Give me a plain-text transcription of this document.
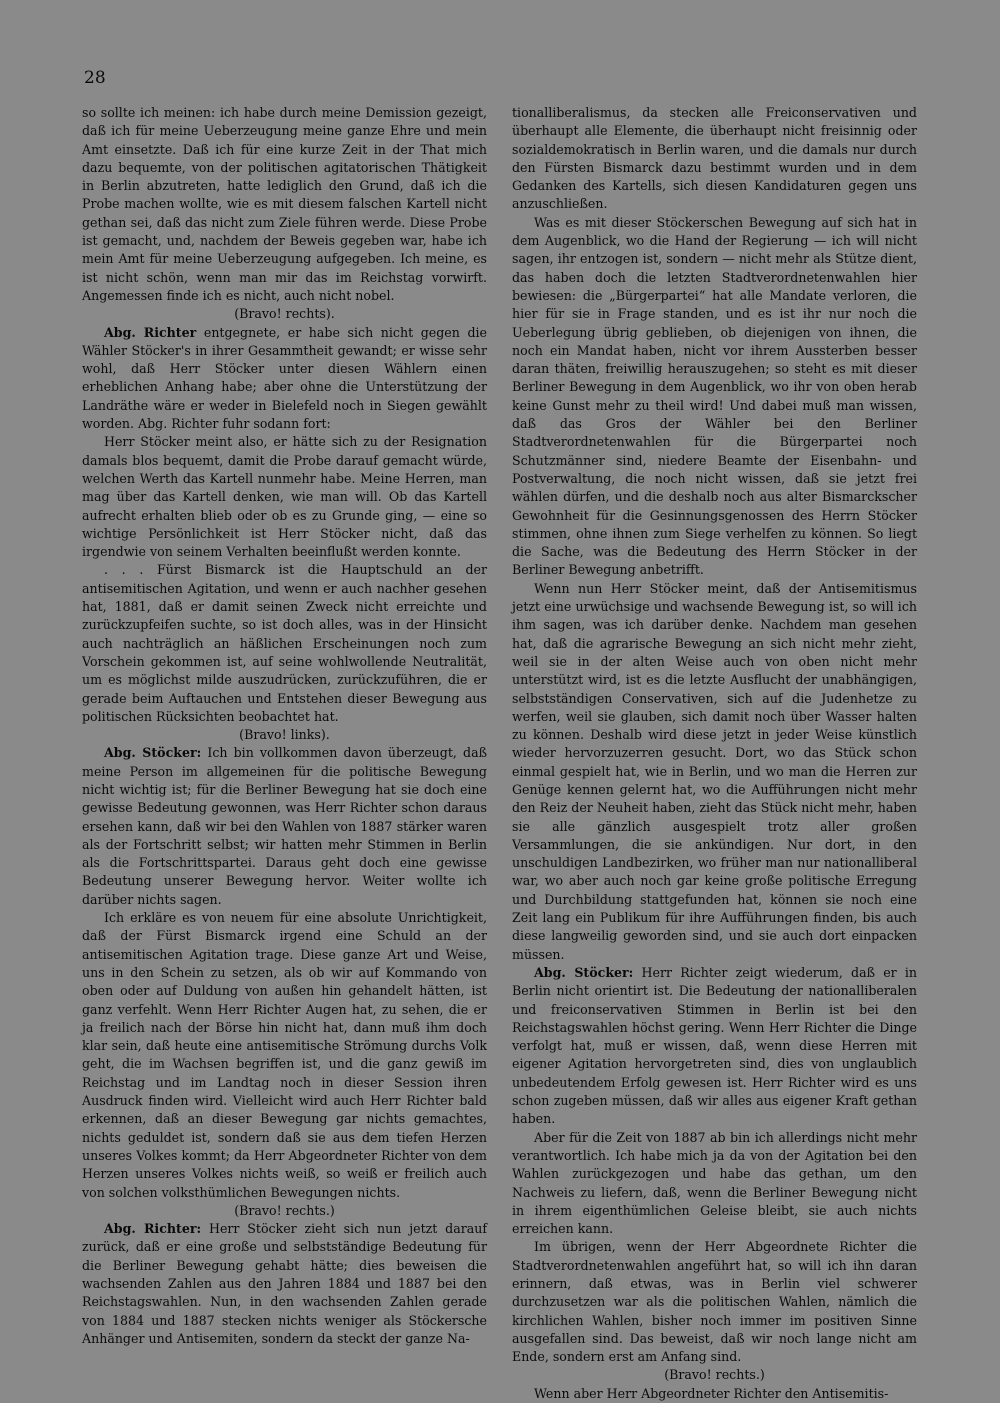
28

so sollte ich meinen: ich habe durch meine Demission gezeigt, daß ich für meine Ueberzeugung meine ganze Ehre und mein Amt einsetzte. Daß ich für eine kurze Zeit in der That mich dazu bequemte, von der politischen agitatorischen Thätigkeit in Berlin abzutreten, hatte lediglich den Grund, daß ich die Probe machen wollte, wie es mit diesem falschen Kartell nicht gethan sei, daß das nicht zum Ziele führen werde. Diese Probe ist gemacht, und, nachdem der Beweis gegeben war, habe ich mein Amt für meine Ueberzeugung aufgegeben. Ich meine, es ist nicht schön, wenn man mir das im Reichstag vorwirft. Angemessen finde ich es nicht, auch nicht nobel.

(Bravo! rechts).

Abg. Richter entgegnete, er habe sich nicht gegen die Wähler Stöcker's in ihrer Gesammtheit gewandt; er wisse sehr wohl, daß Herr Stöcker unter diesen Wählern einen erheblichen Anhang habe; aber ohne die Unterstützung der Landräthe wäre er weder in Bielefeld noch in Siegen gewählt worden. Abg. Richter fuhr sodann fort:

Herr Stöcker meint also, er hätte sich zu der Resignation damals blos bequemt, damit die Probe darauf gemacht würde, welchen Werth das Kartell nunmehr habe. Meine Herren, man mag über das Kartell denken, wie man will. Ob das Kartell aufrecht erhalten blieb oder ob es zu Grunde ging, — eine so wichtige Persönlichkeit ist Herr Stöcker nicht, daß das irgendwie von seinem Verhalten beeinflußt werden konnte.

. . . Fürst Bismarck ist die Hauptschuld an der antisemitischen Agitation, und wenn er auch nachher gesehen hat, 1881, daß er damit seinen Zweck nicht erreichte und zurückzupfeifen suchte, so ist doch alles, was in der Hinsicht auch nachträglich an häßlichen Erscheinungen noch zum Vorschein gekommen ist, auf seine wohlwollende Neutralität, um es möglichst milde auszudrücken, zurückzuführen, die er gerade beim Auftauchen und Entstehen dieser Bewegung aus politischen Rücksichten beobachtet hat.

(Bravo! links).

Abg. Stöcker: Ich bin vollkommen davon überzeugt, daß meine Person im allgemeinen für die politische Bewegung nicht wichtig ist; für die Berliner Bewegung hat sie doch eine gewisse Bedeutung gewonnen, was Herr Richter schon daraus ersehen kann, daß wir bei den Wahlen von 1887 stärker waren als der Fortschritt selbst; wir hatten mehr Stimmen in Berlin als die Fortschrittspartei. Daraus geht doch eine gewisse Bedeutung unserer Bewegung hervor. Weiter wollte ich darüber nichts sagen.

Ich erkläre es von neuem für eine absolute Unrichtigkeit, daß der Fürst Bismarck irgend eine Schuld an der antisemitischen Agitation trage. Diese ganze Art und Weise, uns in den Schein zu setzen, als ob wir auf Kommando von oben oder auf Duldung von außen hin gehandelt hätten, ist ganz verfehlt. Wenn Herr Richter Augen hat, zu sehen, die er ja freilich nach der Börse hin nicht hat, dann muß ihm doch klar sein, daß heute eine antisemitische Strömung durchs Volk geht, die im Wachsen begriffen ist, und die ganz gewiß im Reichstag und im Landtag noch in dieser Session ihren Ausdruck finden wird. Vielleicht wird auch Herr Richter bald erkennen, daß an dieser Bewegung gar nichts gemachtes, nichts geduldet ist, sondern daß sie aus dem tiefen Herzen unseres Volkes kommt; da Herr Abgeordneter Richter von dem Herzen unseres Volkes nichts weiß, so weiß er freilich auch von solchen volksthümlichen Bewegungen nichts.

(Bravo! rechts.)

Abg. Richter: Herr Stöcker zieht sich nun jetzt darauf zurück, daß er eine große und selbstständige Bedeutung für die Berliner Bewegung gehabt hätte; dies beweisen die wachsenden Zahlen aus den Jahren 1884 und 1887 bei den Reichstagswahlen. Nun, in den wachsenden Zahlen gerade von 1884 und 1887 stecken nichts weniger als Stöckersche Anhänger und Antisemiten, sondern da steckt der ganze Na-

tionalliberalismus, da stecken alle Freiconservativen und überhaupt alle Elemente, die überhaupt nicht freisinnig oder sozialdemokratisch in Berlin waren, und die damals nur durch den Fürsten Bismarck dazu bestimmt wurden und in dem Gedanken des Kartells, sich diesen Kandidaturen gegen uns anzuschließen.

Was es mit dieser Stöckerschen Bewegung auf sich hat in dem Augenblick, wo die Hand der Regierung — ich will nicht sagen, ihr entzogen ist, sondern — nicht mehr als Stütze dient, das haben doch die letzten Stadtverordnetenwahlen hier bewiesen: die „Bürgerpartei“ hat alle Mandate verloren, die hier für sie in Frage standen, und es ist ihr nur noch die Ueberlegung übrig geblieben, ob diejenigen von ihnen, die noch ein Mandat haben, nicht vor ihrem Aussterben besser daran thäten, freiwillig herauszugehen; so steht es mit dieser Berliner Bewegung in dem Augenblick, wo ihr von oben herab keine Gunst mehr zu theil wird! Und dabei muß man wissen, daß das Gros der Wähler bei den Berliner Stadtverordnetenwahlen für die Bürgerpartei noch Schutzmänner sind, niedere Beamte der Eisenbahn- und Postverwaltung, die noch nicht wissen, daß sie jetzt frei wählen dürfen, und die deshalb noch aus alter Bismarckscher Gewohnheit für die Gesinnungsgenossen des Herrn Stöcker stimmen, ohne ihnen zum Siege verhelfen zu können. So liegt die Sache, was die Bedeutung des Herrn Stöcker in der Berliner Bewegung anbetrifft.

Wenn nun Herr Stöcker meint, daß der Antisemitismus jetzt eine urwüchsige und wachsende Bewegung ist, so will ich ihm sagen, was ich darüber denke. Nachdem man gesehen hat, daß die agrarische Bewegung an sich nicht mehr zieht, weil sie in der alten Weise auch von oben nicht mehr unterstützt wird, ist es die letzte Ausflucht der unabhängigen, selbstständigen Conservativen, sich auf die Judenhetze zu werfen, weil sie glauben, sich damit noch über Wasser halten zu können. Deshalb wird diese jetzt in jeder Weise künstlich wieder hervorzuzerren gesucht. Dort, wo das Stück schon einmal gespielt hat, wie in Berlin, und wo man die Herren zur Genüge kennen gelernt hat, wo die Aufführungen nicht mehr den Reiz der Neuheit haben, zieht das Stück nicht mehr, haben sie alle gänzlich ausgespielt trotz aller großen Versammlungen, die sie ankündigen. Nur dort, in den unschuldigen Landbezirken, wo früher man nur nationalliberal war, wo aber auch noch gar keine große politische Erregung und Durchbildung stattgefunden hat, können sie noch eine Zeit lang ein Publikum für ihre Aufführungen finden, bis auch diese langweilig geworden sind, und sie auch dort einpacken müssen.

Abg. Stöcker: Herr Richter zeigt wiederum, daß er in Berlin nicht orientirt ist. Die Bedeutung der nationalliberalen und freiconservativen Stimmen in Berlin ist bei den Reichstagswahlen höchst gering. Wenn Herr Richter die Dinge verfolgt hat, muß er wissen, daß, wenn diese Herren mit eigener Agitation hervorgetreten sind, dies von unglaublich unbedeutendem Erfolg gewesen ist. Herr Richter wird es uns schon zugeben müssen, daß wir alles aus eigener Kraft gethan haben.

Aber für die Zeit von 1887 ab bin ich allerdings nicht mehr verantwortlich. Ich habe mich ja da von der Agitation bei den Wahlen zurückgezogen und habe das gethan, um den Nachweis zu liefern, daß, wenn die Berliner Bewegung nicht in ihrem eigenthümlichen Geleise bleibt, sie auch nichts erreichen kann.

Im übrigen, wenn der Herr Abgeordnete Richter die Stadtverordnetenwahlen angeführt hat, so will ich ihn daran erinnern, daß etwas, was in Berlin viel schwerer durchzusetzen war als die politischen Wahlen, nämlich die kirchlichen Wahlen, bisher noch immer im positiven Sinne ausgefallen sind. Das beweist, daß wir noch lange nicht am Ende, sondern erst am Anfang sind.

(Bravo! rechts.)

Wenn aber Herr Abgeordneter Richter den Antisemitis-
